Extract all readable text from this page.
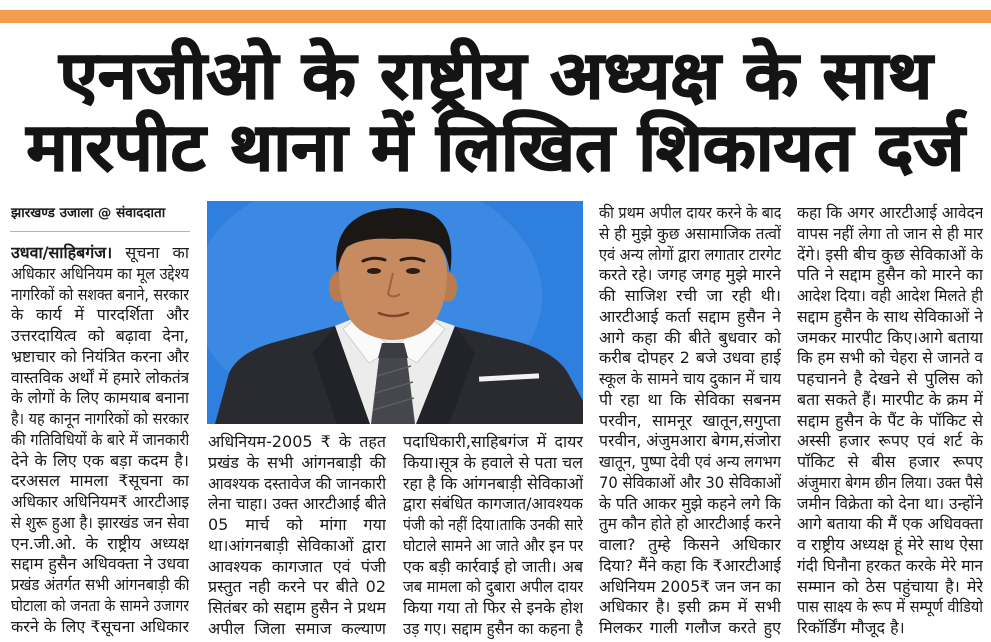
एनजीओ के राष्ट्रीय अध्यक्ष के साथ
मारपीट थाना में लिखित शिकायत दर्ज
झारखण्ड उजाला @ संवाददाता
उधवा/साहिबगंज। सूचना का
अधिकार अधिनियम का मूल उद्देश्य
नागरिकों को सशक्त बनाने, सरकार
के कार्य में पारदर्शिता और
उत्तरदायित्व को बढ़ावा देना,
भ्रष्टाचार को नियंत्रित करना और
वास्तविक अर्थों में हमारे लोकतंत्र
के लोगों के लिए कामयाब बनाना
है। यह कानून नागरिकों को सरकार
की गतिविधियों के बारे में जानकारी
देने के लिए एक बड़ा कदम है।
दरअसल मामला ₹सूचना का
अधिकार अधिनियम₹ आरटीआइ
से शुरू हुआ है। झारखंड जन सेवा
एन.जी.ओ. के राष्ट्रीय अध्यक्ष
सद्दाम हुसैन अधिवक्ता ने उधवा
प्रखंड अंतर्गत सभी आंगनबाड़ी की
घोटाला को जनता के सामने उजागर
करने के लिए ₹सूचना अधिकार
अधिनियम-2005 ₹ के तहत
प्रखंड के सभी आंगनबाड़ी की
आवश्यक दस्तावेज की जानकारी
लेना चाहा। उक्त आरटीआई बीते
05 मार्च को मांगा गया
था।आंगनबाड़ी सेविकाओं द्वारा
आवश्यक कागजात एवं पंजी
प्रस्तुत नही करने पर बीते 02
सितंबर को सद्दाम हुसैन ने प्रथम
अपील जिला समाज कल्याण
पदाधिकारी,साहिबगंज में दायर
किया।सूत्र के हवाले से पता चल
रहा है कि आंगनबाड़ी सेविकाओं
द्वारा संबंधित कागजात/आवश्यक
पंजी को नहीं दिया।ताकि उनकी सारे
घोटाले सामने आ जाते और इन पर
एक बड़ी कार्रवाई हो जाती। अब
जब मामला को दुबारा अपील दायर
किया गया तो फिर से इनके होश
उड़ गए। सद्दाम हुसैन का कहना है
की प्रथम अपील दायर करने के बाद
से ही मुझे कुछ असामाजिक तत्वों
एवं अन्य लोगों द्वारा लगातार टारगेट
करते रहे। जगह जगह मुझे मारने
की साजिश रची जा रही थी।
आरटीआई कर्ता सद्दाम हुसैन ने
आगे कहा की बीते बुधवार को
करीब दोपहर 2 बजे उधवा हाई
स्कूल के सामने चाय दुकान में चाय
पी रहा था कि सेविका सबनम
परवीन, सामनूर खातून,सगुप्ता
परवीन, अंजुमआरा बेगम,संजोरा
खातून, पुष्पा देवी एवं अन्य लगभग
70 सेविकाओं और 30 सेविकाओं
के पति आकर मुझे कहने लगे कि
तुम कौन होते हो आरटीआई करने
वाला? तुम्हे किसने अधिकार
दिया? मैंने कहा कि ₹आरटीआई
अधिनियम 2005₹ जन जन का
अधिकार है। इसी क्रम में सभी
मिलकर गाली गलौज करते हुए
कहा कि अगर आरटीआई आवेदन
वापस नहीं लेगा तो जान से ही मार
देंगे। इसी बीच कुछ सेविकाओं के
पति ने सद्दाम हुसैन को मारने का
आदेश दिया। वही आदेश मिलते ही
सद्दाम हुसैन के साथ सेविकाओं ने
जमकर मारपीट किए।आगे बताया
कि हम सभी को चेहरा से जानते व
पहचानने है देखने से पुलिस को
बता सकते हैं। मारपीट के क्रम में
सद्दाम हुसैन के पैंट के पॉकिट से
अस्सी हजार रूपए एवं शर्ट के
पॉकिट से बीस हजार रूपए
अंजुमारा बेगम छीन लिया। उक्त पैसे
जमीन विक्रेता को देना था। उन्होंने
आगे बताया की मैं एक अधिवक्ता
व राष्ट्रीय अध्यक्ष हूं मेरे साथ ऐसा
गंदी घिनौना हरकत करके मेरे मान
सम्मान को ठेस पहुंचाया है। मेरे
पास साक्ष्य के रूप में सम्पूर्ण वीडियो
रिकॉर्डिंग मौजूद है।
